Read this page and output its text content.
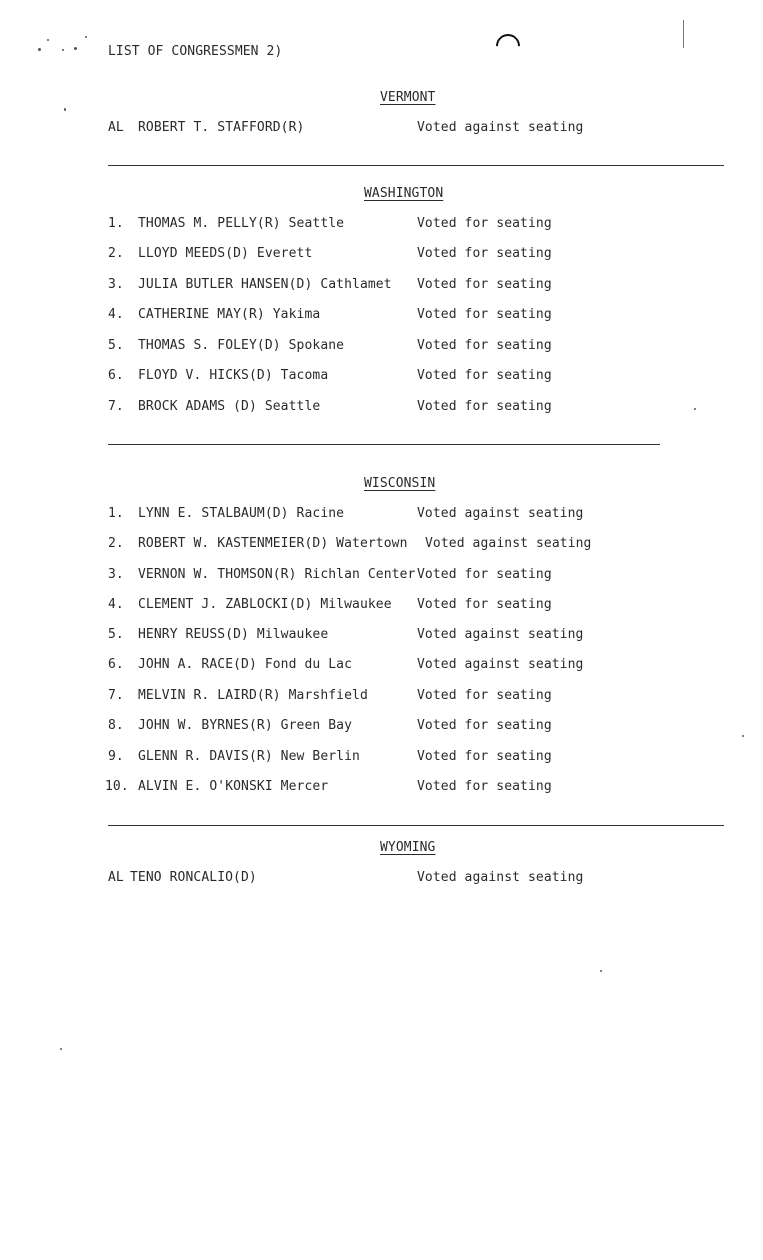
LIST OF CONGRESSMEN 2)
VERMONT
AL ROBERT T. STAFFORD(R)	Voted against seating
WASHINGTON
1. THOMAS M. PELLY(R) Seattle	Voted for seating
2. LLOYD MEEDS(D) Everett	Voted for seating
3. JULIA BUTLER HANSEN(D) Cathlamet Voted for seating
4. CATHERINE MAY(R) Yakima	Voted for seating
5. THOMAS S. FOLEY(D) Spokane	Voted for seating
6. FLOYD V. HICKS(D) Tacoma	Voted for seating
7. BROCK ADAMS (D) Seattle	Voted for seating
WISCONSIN
1. LYNN E. STALBAUM(D) Racine	Voted against seating
2. ROBERT W. KASTENMEIER(D) Watertown Voted against seating
3. VERNON W. THOMSON(R) Richlan Center Voted for seating
4. CLEMENT J. ZABLOCKI(D) Milwaukee Voted for seating
5. HENRY REUSS(D) Milwaukee	Voted against seating
6. JOHN A. RACE(D) Fond du Lac	Voted against seating
7. MELVIN R. LAIRD(R) Marshfield	Voted for seating
8. JOHN W. BYRNES(R) Green Bay	Voted for seating
9. GLENN R. DAVIS(R) New Berlin	Voted for seating
10. ALVIN E. O'KONSKI Mercer	Voted for seating
WYOMING
AL TENO RONCALIO(D)	Voted against seating
